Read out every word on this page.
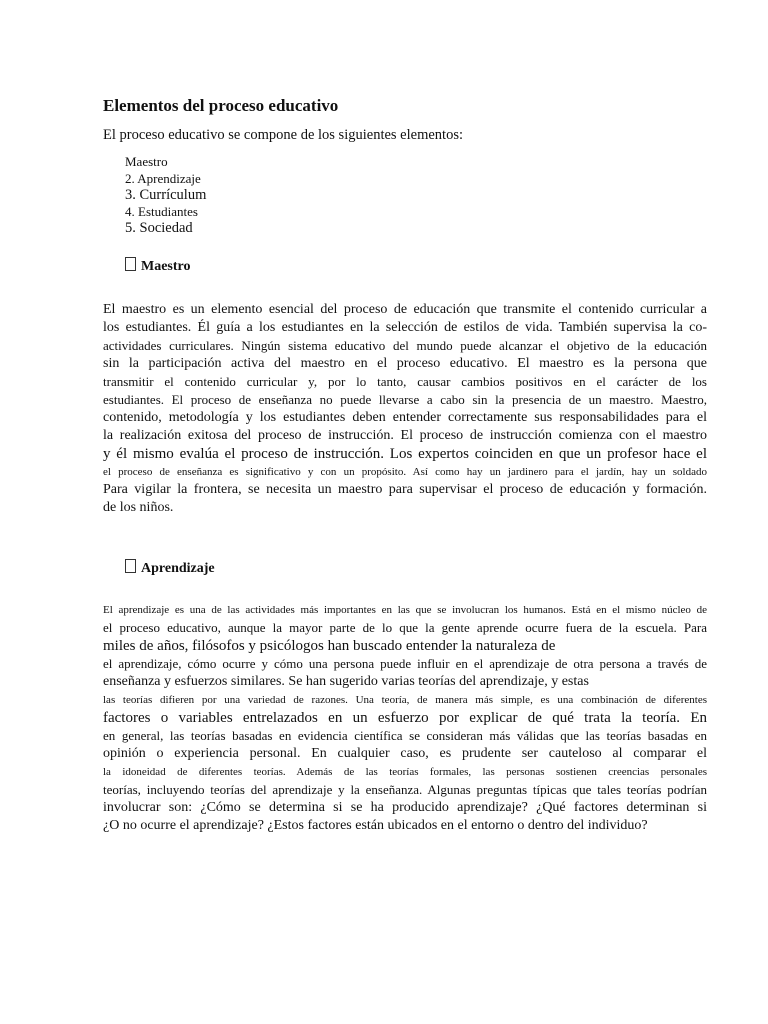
Elementos del proceso educativo

El proceso educativo se compone de los siguientes elementos:

Maestro
2. Aprendizaje
3. Currículum
4. Estudiantes
5. Sociedad
Maestro
El maestro es un elemento esencial del proceso de educación que transmite el contenido curricular a
los estudiantes. Él guía a los estudiantes en la selección de estilos de vida. También supervisa la co-
actividades curriculares. Ningún sistema educativo del mundo puede alcanzar el objetivo de la educación
sin la participación activa del maestro en el proceso educativo. El maestro es la persona que
transmitir el contenido curricular y, por lo tanto, causar cambios positivos en el carácter de los
estudiantes. El proceso de enseñanza no puede llevarse a cabo sin la presencia de un maestro. Maestro,
contenido, metodología y los estudiantes deben entender correctamente sus responsabilidades para el
la realización exitosa del proceso de instrucción. El proceso de instrucción comienza con el maestro
y él mismo evalúa el proceso de instrucción. Los expertos coinciden en que un profesor hace el
el proceso de enseñanza es significativo y con un propósito. Así como hay un jardinero para el jardín, hay un soldado
Para vigilar la frontera, se necesita un maestro para supervisar el proceso de educación y formación.
de los niños.
Aprendizaje
El aprendizaje es una de las actividades más importantes en las que se involucran los humanos. Está en el mismo núcleo de
el proceso educativo, aunque la mayor parte de lo que la gente aprende ocurre fuera de la escuela. Para
miles de años, filósofos y psicólogos han buscado entender la naturaleza de
el aprendizaje, cómo ocurre y cómo una persona puede influir en el aprendizaje de otra persona a través de
enseñanza y esfuerzos similares. Se han sugerido varias teorías del aprendizaje, y estas
las teorías difieren por una variedad de razones. Una teoría, de manera más simple, es una combinación de diferentes
factores o variables entrelazados en un esfuerzo por explicar de qué trata la teoría. En
en general, las teorías basadas en evidencia científica se consideran más válidas que las teorías basadas en
opinión o experiencia personal. En cualquier caso, es prudente ser cauteloso al comparar el
la idoneidad de diferentes teorías. Además de las teorías formales, las personas sostienen creencias personales
teorías, incluyendo teorías del aprendizaje y la enseñanza. Algunas preguntas típicas que tales teorías podrían
involucrar son: ¿Cómo se determina si se ha producido aprendizaje? ¿Qué factores determinan si
¿O no ocurre el aprendizaje? ¿Estos factores están ubicados en el entorno o dentro del individuo?
